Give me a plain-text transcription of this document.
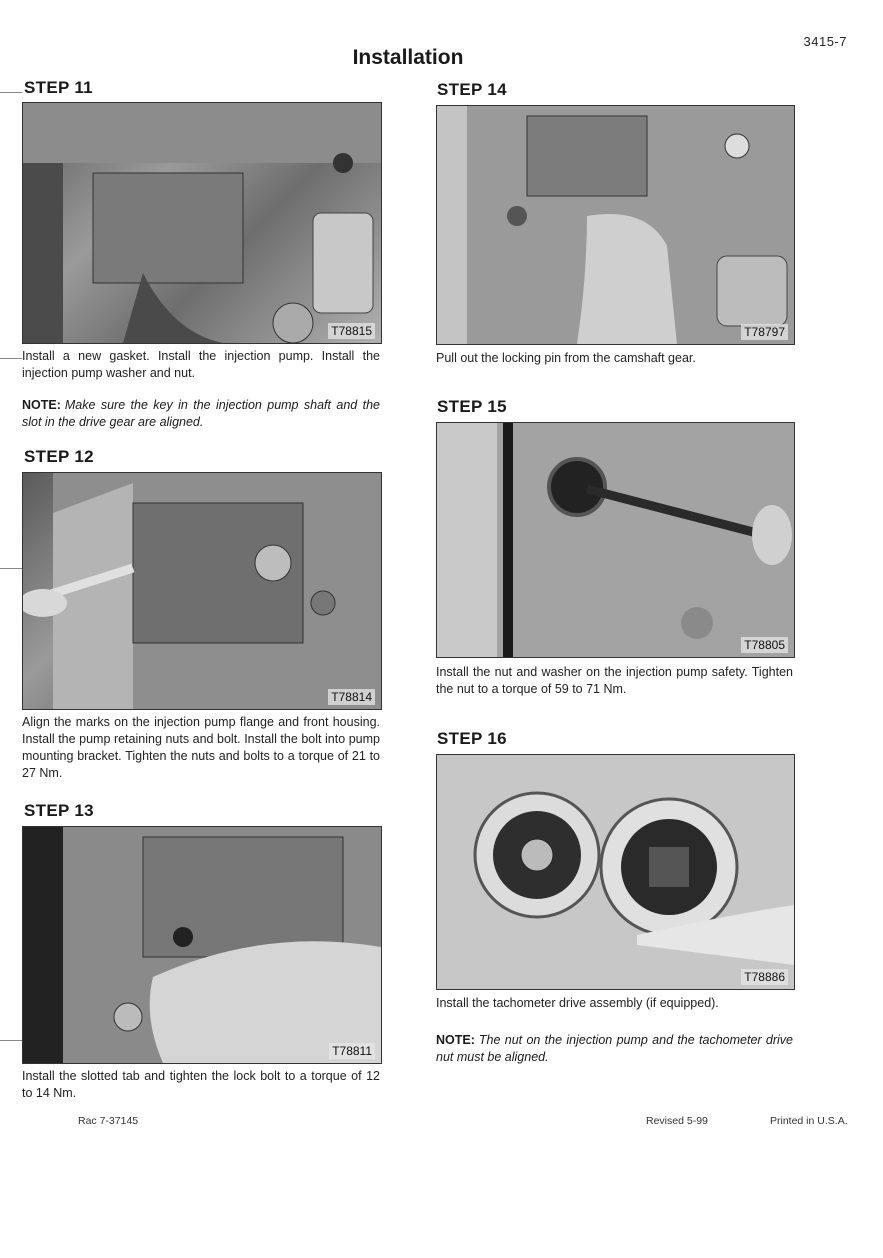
3415-7
Installation
STEP 11
T78815
Install a new gasket. Install the injection pump. Install the injection pump washer and nut.
NOTE: Make sure the key in the injection pump shaft and the slot in the drive gear are aligned.
STEP 12
T78814
Align the marks on the injection pump flange and front housing. Install the pump retaining nuts and bolt. Install the bolt into pump mounting bracket. Tighten the nuts and bolts to a torque of 21 to 27 Nm.
STEP 13
T78811
Install the slotted tab and tighten the lock bolt to a torque of 12 to 14 Nm.
STEP 14
T78797
Pull out the locking pin from the camshaft gear.
STEP 15
T78805
Install the nut and washer on the injection pump safety. Tighten the nut to a torque of 59 to 71 Nm.
STEP 16
T78886
Install the tachometer drive assembly (if equipped).
NOTE: The nut on the injection pump and the tachometer drive nut must be aligned.
Rac 7-37145	Revised 5-99	Printed in U.S.A.
